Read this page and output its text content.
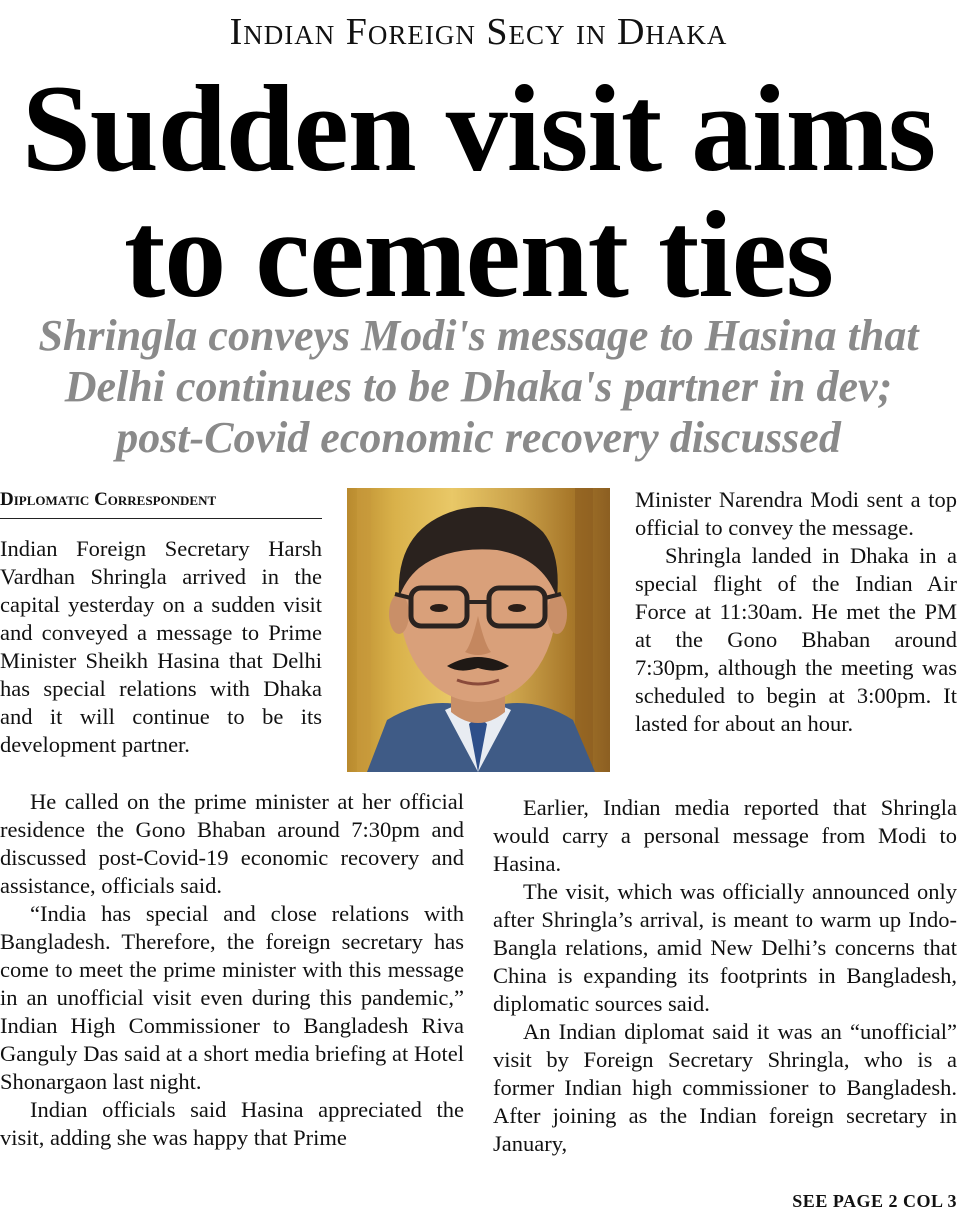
Indian Foreign Secy in Dhaka
Sudden visit aims
to cement ties
Shringla conveys Modi's message to Hasina that
Delhi continues to be Dhaka's partner in dev;
post-Covid economic recovery discussed
Diplomatic Correspondent

Indian Foreign Secretary Harsh Vardhan Shringla arrived in the capital yesterday on a sudden visit and conveyed a message to Prime Minister Sheikh Hasina that Delhi has special relations with Dhaka and it will continue to be its development partner.

He called on the prime minister at her official residence the Gono Bhaban around 7:30pm and discussed post-Covid-19 economic recovery and assistance, officials said.

“India has special and close relations with Bangladesh. Therefore, the foreign secretary has come to meet the prime minister with this message in an unofficial visit even during this pandemic,” Indian High Commissioner to Bangladesh Riva Ganguly Das said at a short media briefing at Hotel Shonargaon last night.

Indian officials said Hasina appreciated the visit, adding she was happy that Prime

Minister Narendra Modi sent a top official to convey the message.

Shringla landed in Dhaka in a special flight of the Indian Air Force at 11:30am. He met the PM at the Gono Bhaban around 7:30pm, although the meeting was scheduled to begin at 3:00pm. It lasted for about an hour.

Earlier, Indian media reported that Shringla would carry a personal message from Modi to Hasina.

The visit, which was officially announced only after Shringla’s arrival, is meant to warm up Indo-Bangla relations, amid New Delhi’s concerns that China is expanding its footprints in Bangladesh, diplomatic sources said.

An Indian diplomat said it was an “unofficial” visit by Foreign Secretary Shringla, who is a former Indian high commissioner to Bangladesh. After joining as the Indian foreign secretary in January,

SEE PAGE 2 COL 3
